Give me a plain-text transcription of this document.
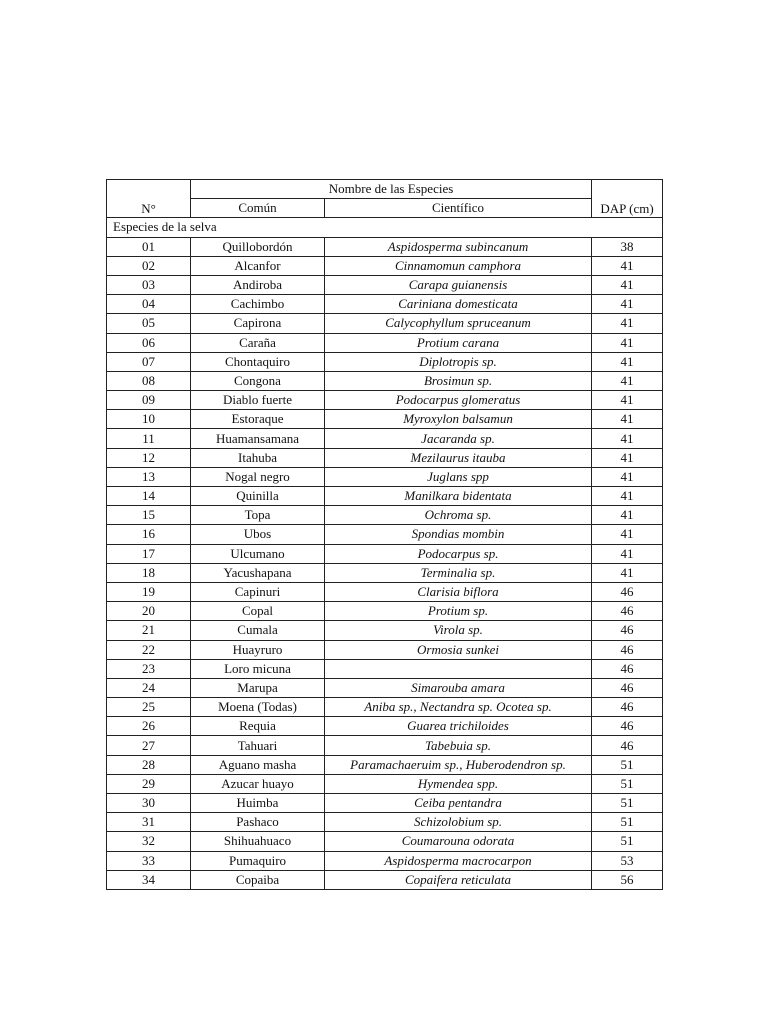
N°	Nombre de las Especies		DAP (cm)
	Común	Científico	
Especies de la selva			
01	Quillobordón	Aspidosperma subincanum	38
02	Alcanfor	Cinnamomun camphora	41
03	Andiroba	Carapa guianensis	41
04	Cachimbo	Cariniana domesticata	41
05	Capirona	Calycophyllum spruceanum	41
06	Caraña	Protium carana	41
07	Chontaquiro	Diplotropis sp.	41
08	Congona	Brosimun sp.	41
09	Diablo fuerte	Podocarpus glomeratus	41
10	Estoraque	Myroxylon balsamun	41
11	Huamansamana	Jacaranda sp.	41
12	Itahuba	Mezilaurus itauba	41
13	Nogal negro	Juglans spp	41
14	Quinilla	Manilkara bidentata	41
15	Topa	Ochroma sp.	41
16	Ubos	Spondias mombin	41
17	Ulcumano	Podocarpus sp.	41
18	Yacushapana	Terminalia sp.	41
19	Capinuri	Clarisia biflora	46
20	Copal	Protium sp.	46
21	Cumala	Virola sp.	46
22	Huayruro	Ormosia sunkei	46
23	Loro micuna		46
24	Marupa	Simarouba amara	46
25	Moena (Todas)	Aniba sp., Nectandra sp. Ocotea sp.	46
26	Requia	Guarea trichiloides	46
27	Tahuari	Tabebuia sp.	46
28	Aguano masha	Paramachaeruim sp., Huberodendron sp.	51
29	Azucar huayo	Hymendea spp.	51
30	Huimba	Ceiba pentandra	51
31	Pashaco	Schizolobium sp.	51
32	Shihuahuaco	Coumarouna odorata	51
33	Pumaquiro	Aspidosperma macrocarpon	53
34	Copaiba	Copaifera reticulata	56
